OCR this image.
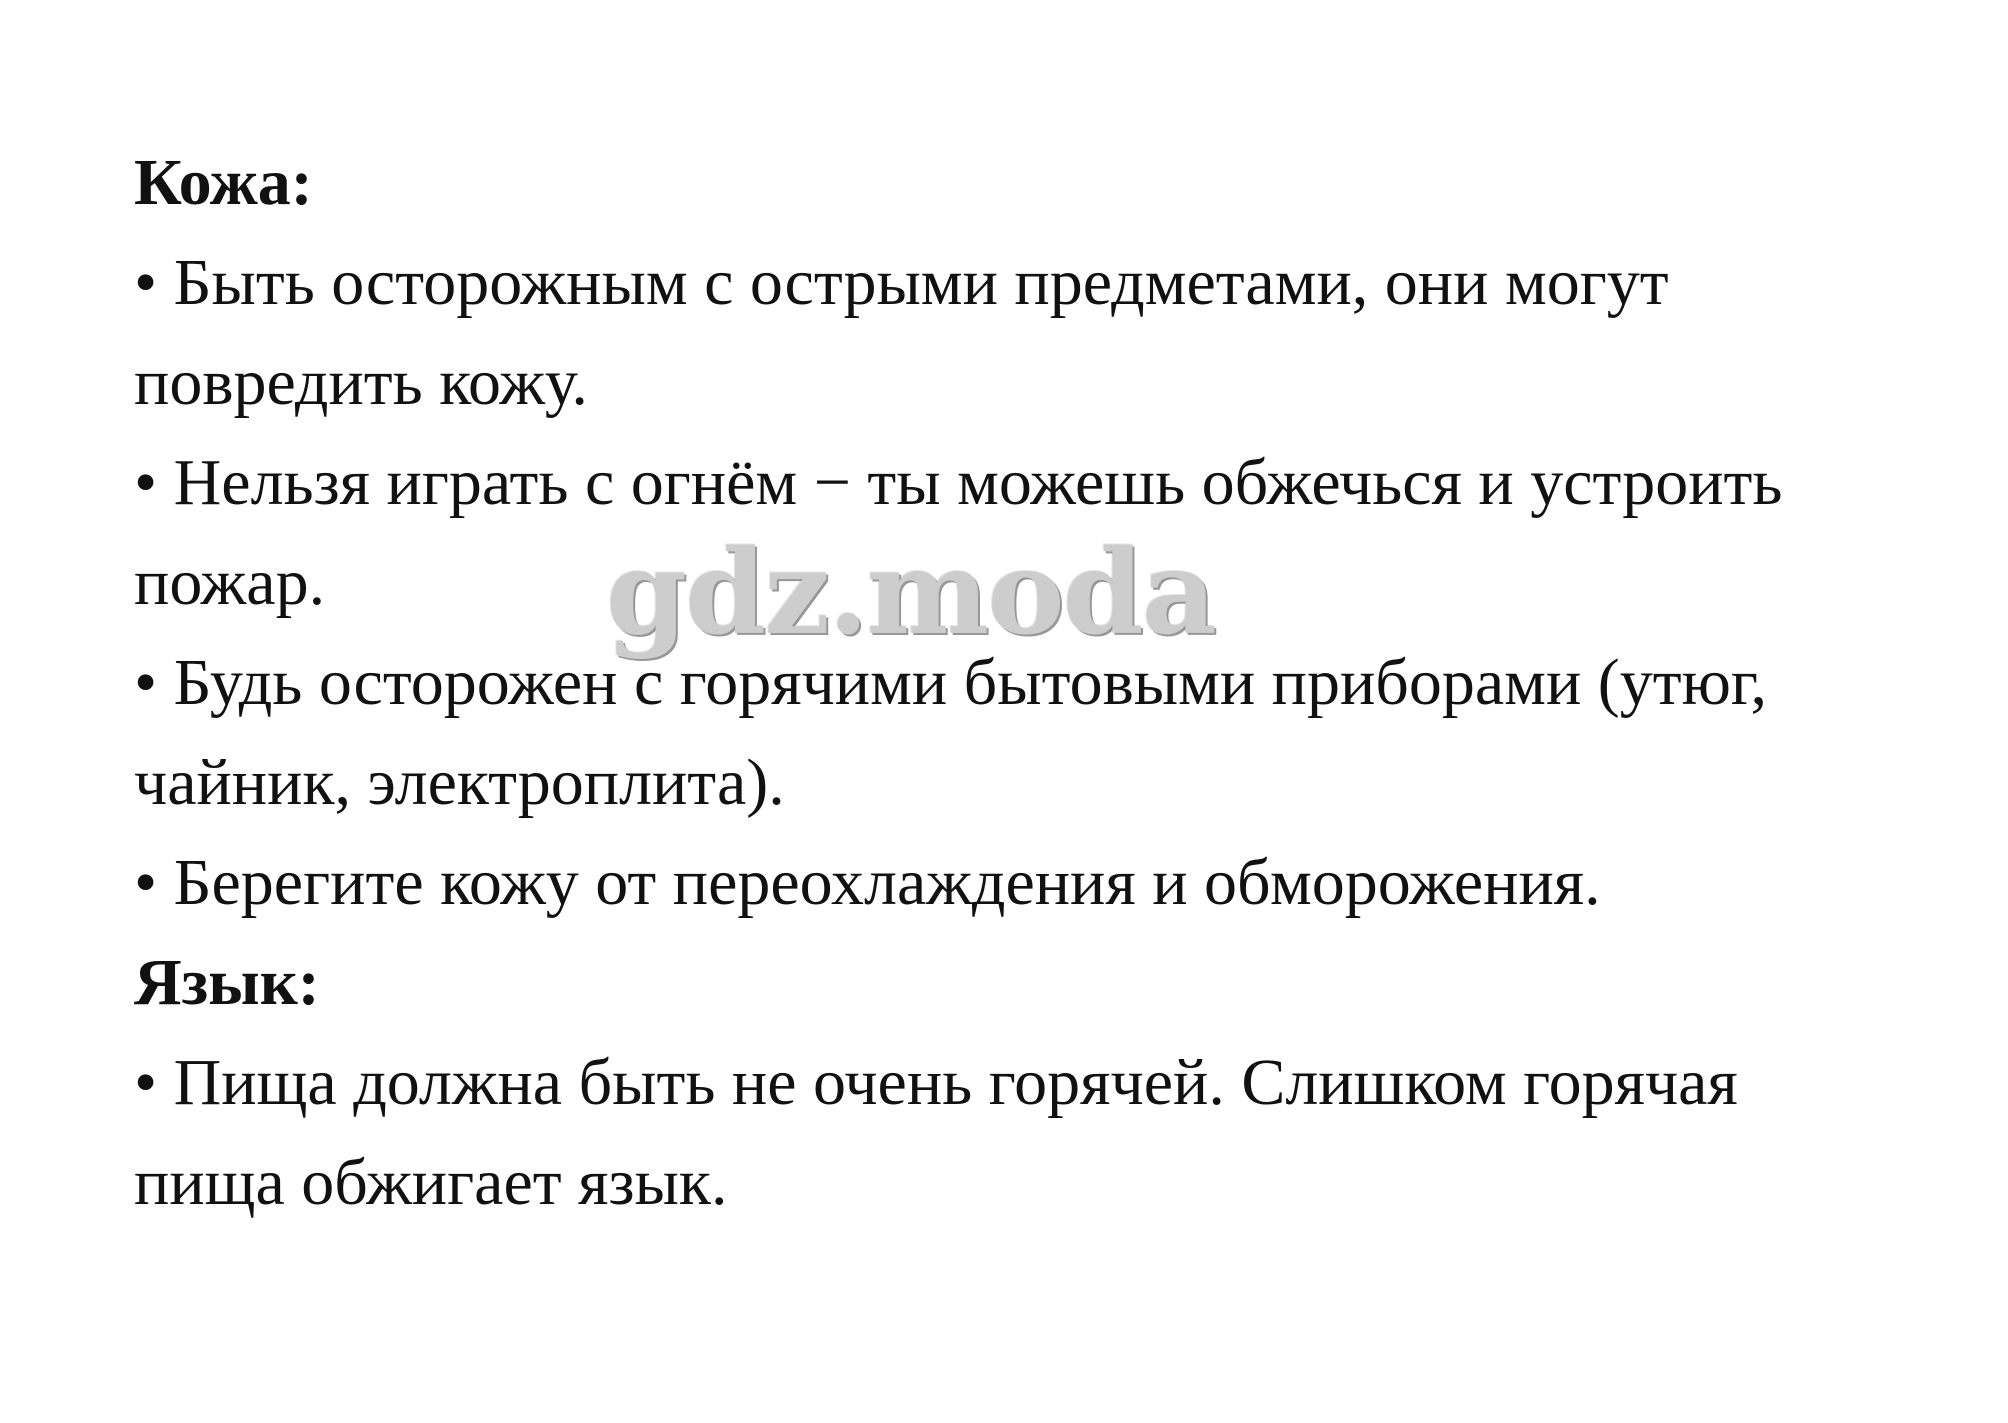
Кожа:
• Быть осторожным с острыми предметами, они могут
повредить кожу.
• Нельзя играть с огнём − ты можешь обжечься и устроить
пожар.
• Будь осторожен с горячими бытовыми приборами (утюг,
чайник, электроплита).
• Берегите кожу от переохлаждения и обморожения.
Язык:
• Пища должна быть не очень горячей. Слишком горячая
пища обжигает язык.
gdz.moda
